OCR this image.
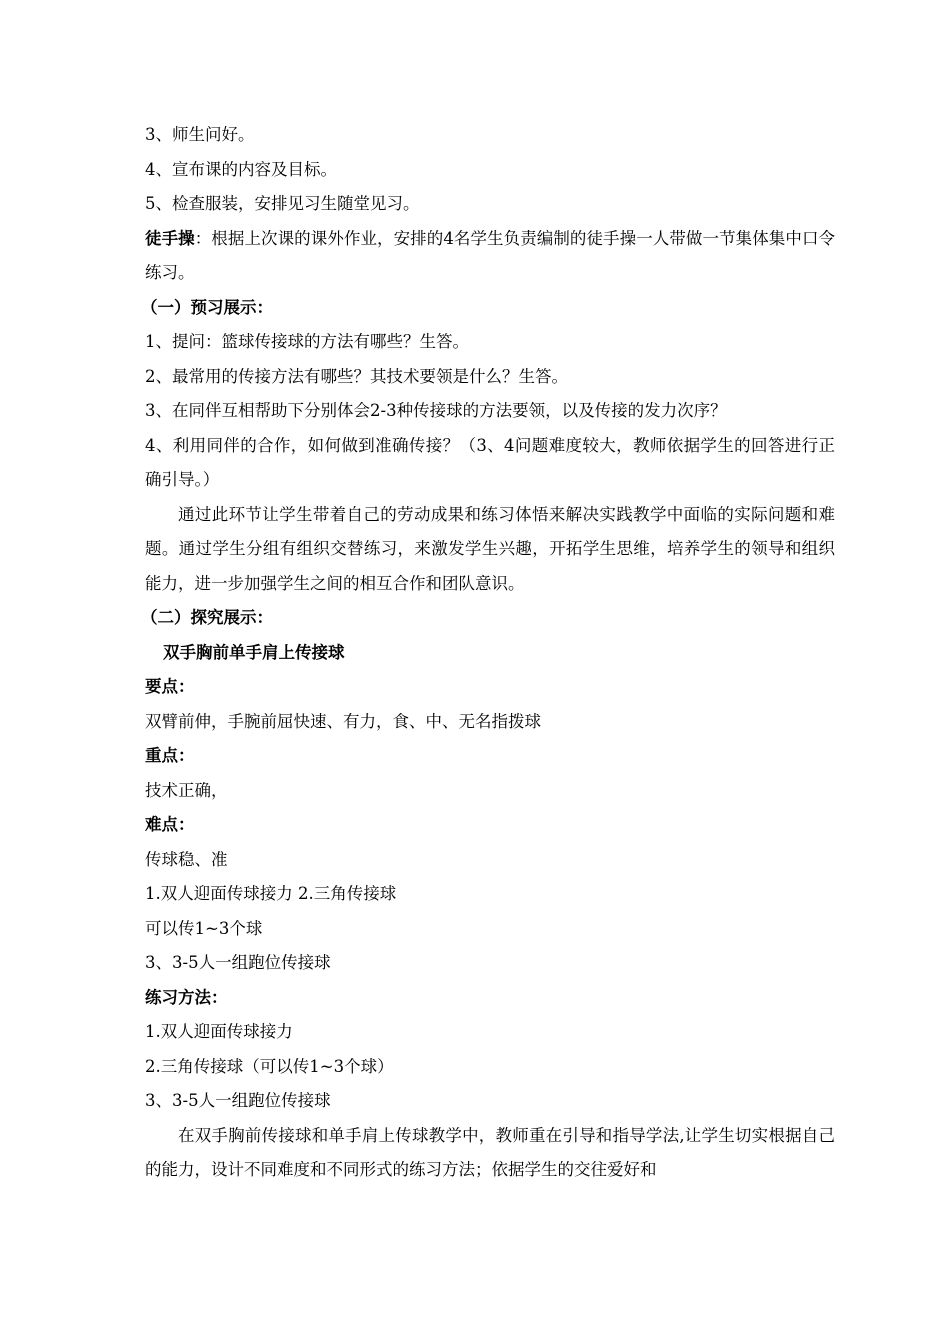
3、师生问好。
4、宣布课的内容及目标。
5、检查服装，安排见习生随堂见习。
徒手操：根据上次课的课外作业，安排的4名学生负责编制的徒手操一人带做一节集体集中口令练习。
（一）预习展示：
1、提问：篮球传接球的方法有哪些？生答。
2、最常用的传接方法有哪些？其技术要领是什么？生答。
3、在同伴互相帮助下分别体会2-3种传接球的方法要领，以及传接的发力次序？
4、利用同伴的合作，如何做到准确传接？（3、4问题难度较大，教师依据学生的回答进行正确引导。）
通过此环节让学生带着自己的劳动成果和练习体悟来解决实践教学中面临的实际问题和难题。通过学生分组有组织交替练习，来激发学生兴趣，开拓学生思维，培养学生的领导和组织能力，进一步加强学生之间的相互合作和团队意识。
（二）探究展示：
双手胸前单手肩上传接球
要点：
双臂前伸，手腕前屈快速、有力，食、中、无名指拨球
重点：
技术正确，
难点：
传球稳、准
1.双人迎面传球接力 2.三角传接球
可以传1~3个球
3、3-5人一组跑位传接球
练习方法：
1.双人迎面传球接力
2.三角传接球（可以传1~3个球）
3、3-5人一组跑位传接球
在双手胸前传接球和单手肩上传球教学中，教师重在引导和指导学法,让学生切实根据自己的能力，设计不同难度和不同形式的练习方法；依据学生的交往爱好和
